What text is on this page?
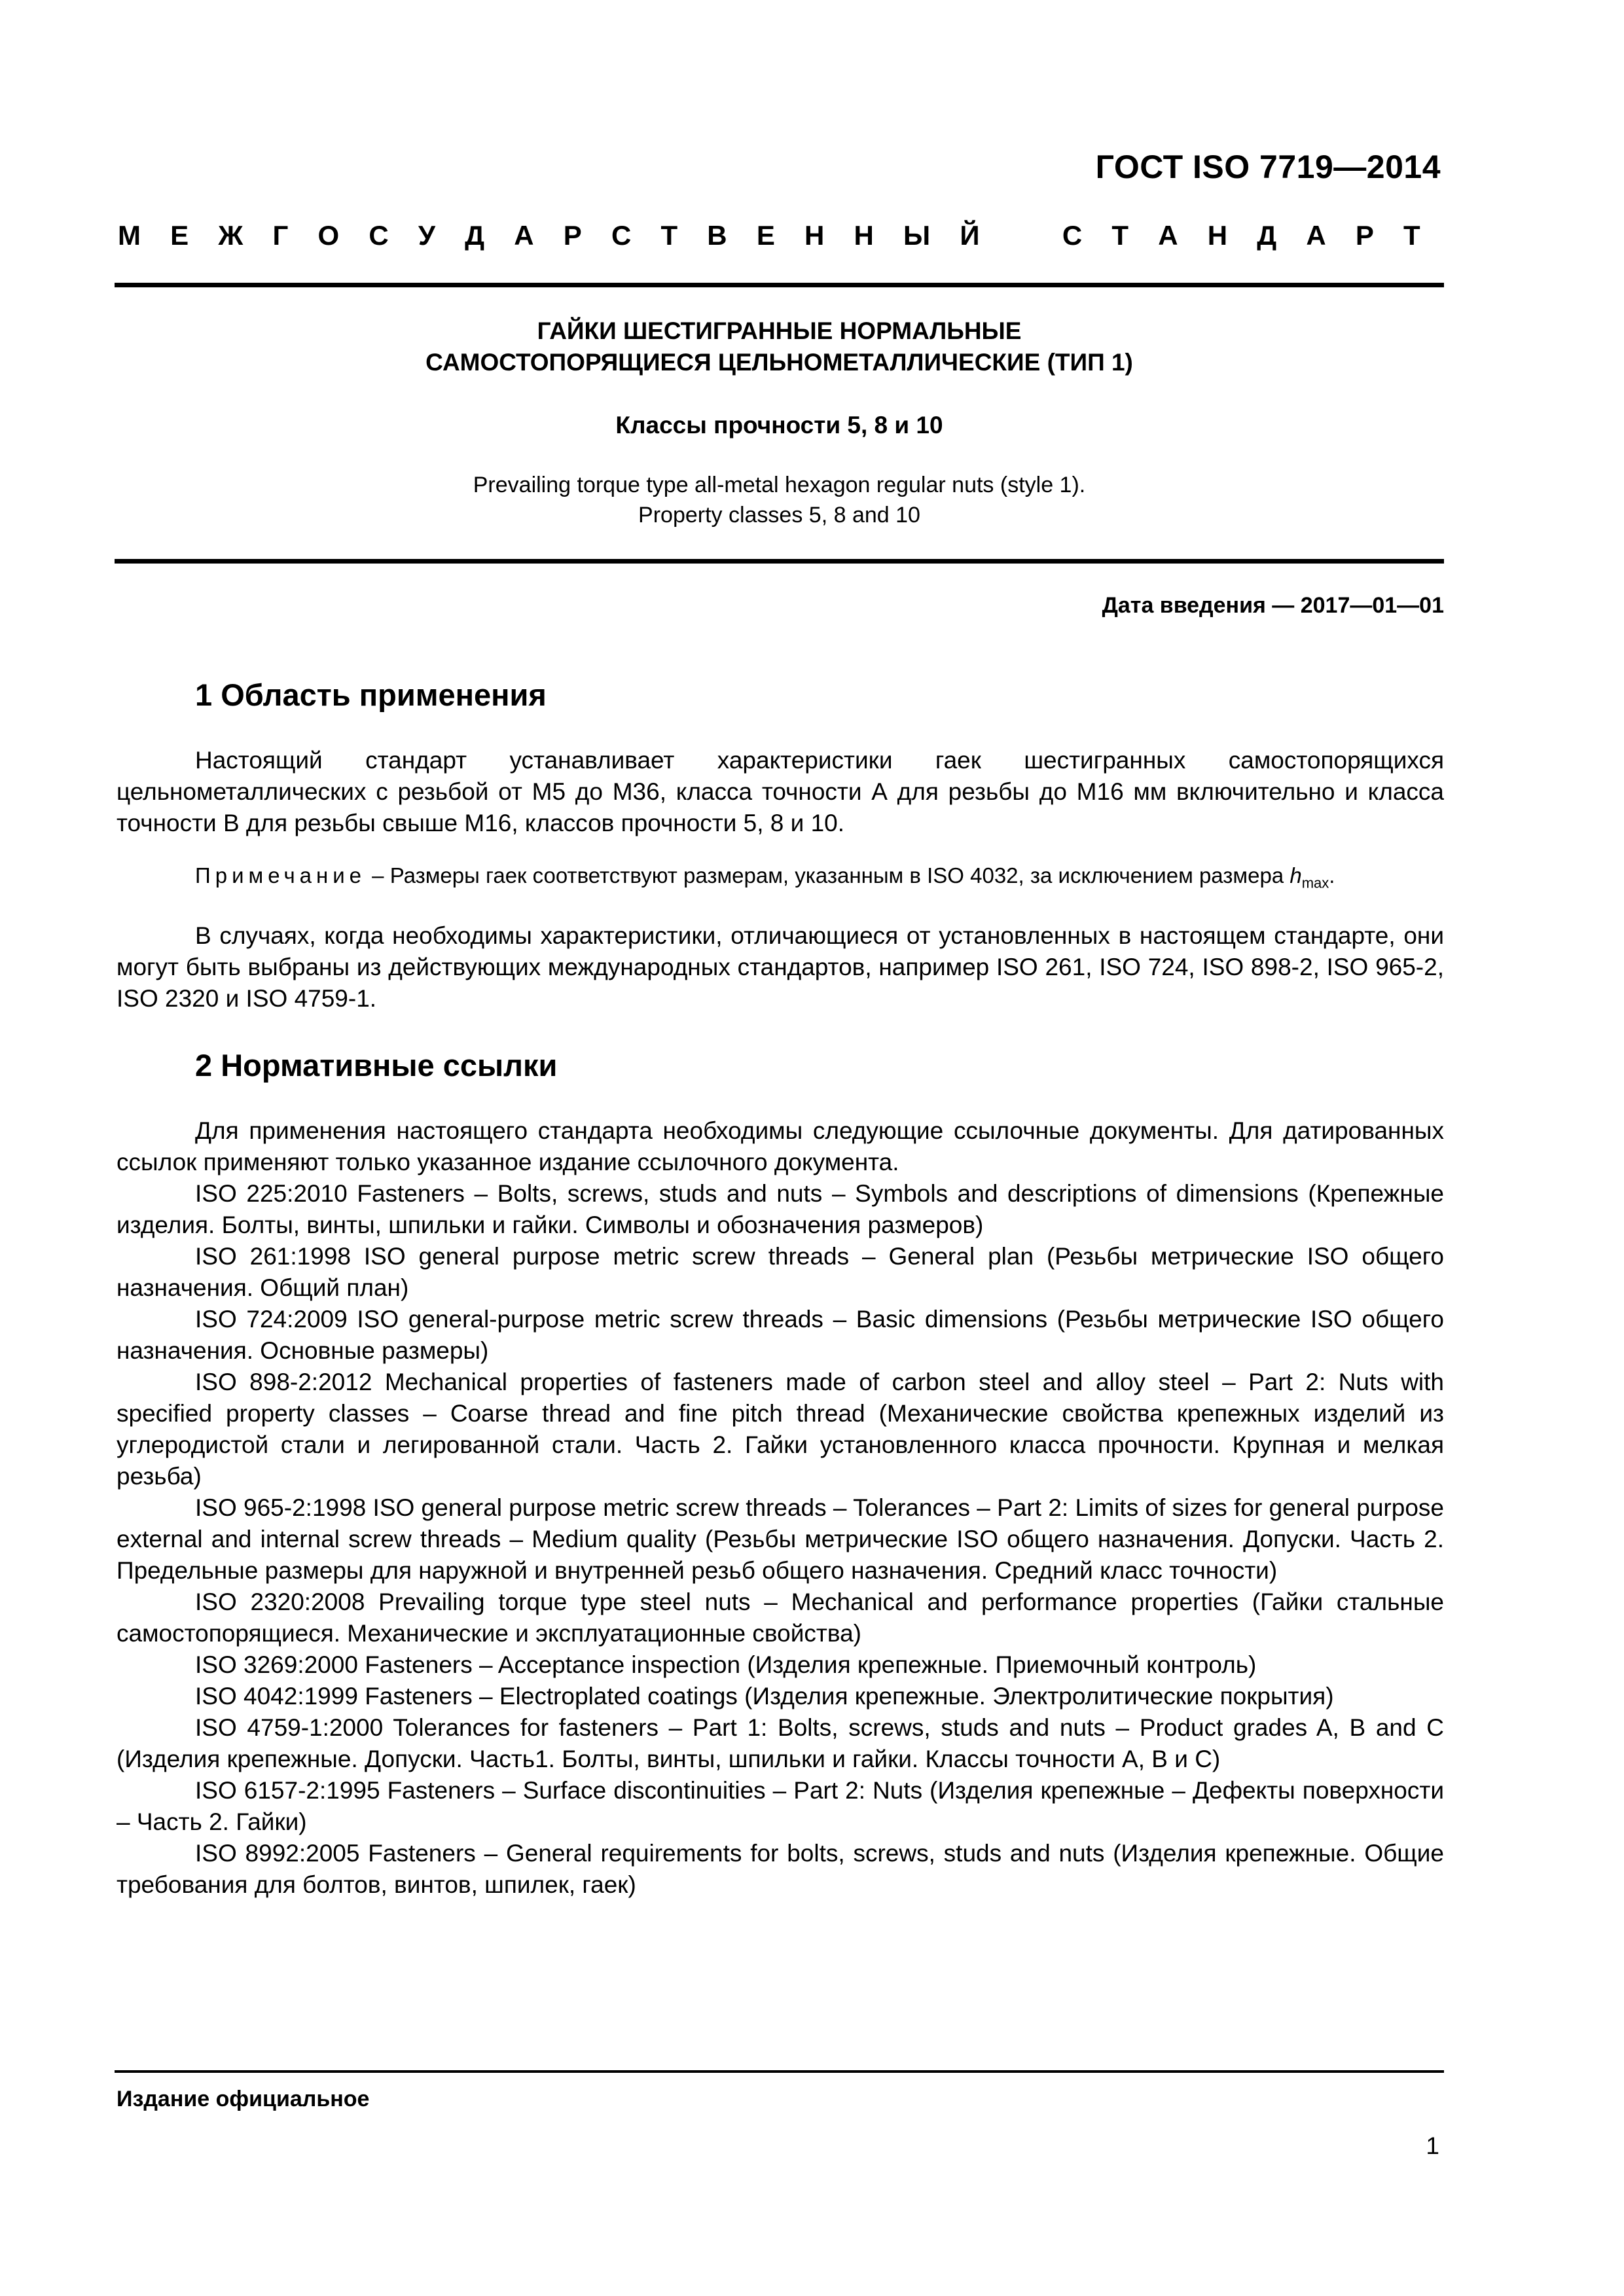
ГОСТ ISO 7719—2014
М Е Ж Г О С У Д А Р С Т В Е Н Н Ы Й	С Т А Н Д А Р Т
ГАЙКИ ШЕСТИГРАННЫЕ НОРМАЛЬНЫЕ
САМОСТОПОРЯЩИЕСЯ ЦЕЛЬНОМЕТАЛЛИЧЕСКИЕ (ТИП 1)
Классы прочности 5, 8 и 10
Prevailing torque type all-metal hexagon regular nuts (style 1).
Property classes 5, 8 and 10
Дата введения — 2017—01—01
1 Область применения

Настоящий стандарт устанавливает характеристики гаек шестигранных самостопорящихся цельнометаллических с резьбой от М5 до М36, класса точности А для резьбы до М16 мм включительно и класса точности В для резьбы свыше М16, классов прочности 5, 8 и 10.

Примечание – Размеры гаек соответствуют размерам, указанным в ISO 4032, за исключением размера $h_{max}$.

В случаях, когда необходимы характеристики, отличающиеся от установленных в настоящем стандарте, они могут быть выбраны из действующих международных стандартов, например ISO 261, ISO 724, ISO 898-2, ISO 965-2, ISO 2320 и ISO 4759-1.

2 Нормативные ссылки

Для применения настоящего стандарта необходимы следующие ссылочные документы. Для датированных ссылок применяют только указанное издание ссылочного документа.

ISO 225:2010 Fasteners – Bolts, screws, studs and nuts – Symbols and descriptions of dimensions (Крепежные изделия. Болты, винты, шпильки и гайки. Символы и обозначения размеров)

ISO 261:1998 ISO general purpose metric screw threads – General plan (Резьбы метрические ISO общего назначения. Общий план)

ISO 724:2009 ISO general-purpose metric screw threads – Basic dimensions (Резьбы метрические ISO общего назначения. Основные размеры)

ISO 898-2:2012 Mechanical properties of fasteners made of carbon steel and alloy steel – Part 2: Nuts with specified property classes – Coarse thread and fine pitch thread (Механические свойства крепежных изделий из углеродистой стали и легированной стали. Часть 2. Гайки установленного класса прочности. Крупная и мелкая резьба)

ISO 965-2:1998 ISO general purpose metric screw threads – Tolerances – Part 2: Limits of sizes for general purpose external and internal screw threads – Medium quality (Резьбы метрические ISO общего назначения. Допуски. Часть 2. Предельные размеры для наружной и внутренней резьб общего назначения. Средний класс точности)

ISO 2320:2008 Prevailing torque type steel nuts – Mechanical and performance properties (Гайки стальные самостопорящиеся. Механические и эксплуатационные свойства)

ISO 3269:2000 Fasteners – Acceptance inspection (Изделия крепежные. Приемочный контроль)

ISO 4042:1999 Fasteners – Electroplated coatings (Изделия крепежные. Электролитические покрытия)

ISO 4759-1:2000 Tolerances for fasteners – Part 1: Bolts, screws, studs and nuts – Product grades A, B and C (Изделия крепежные. Допуски. Часть1. Болты, винты, шпильки и гайки. Классы точности А, В и С)

ISO 6157-2:1995 Fasteners – Surface discontinuities – Part 2: Nuts (Изделия крепежные – Дефекты поверхности – Часть 2. Гайки)

ISO 8992:2005 Fasteners – General requirements for bolts, screws, studs and nuts (Изделия крепежные. Общие требования для болтов, винтов, шпилек, гаек)

Издание официальное
1
